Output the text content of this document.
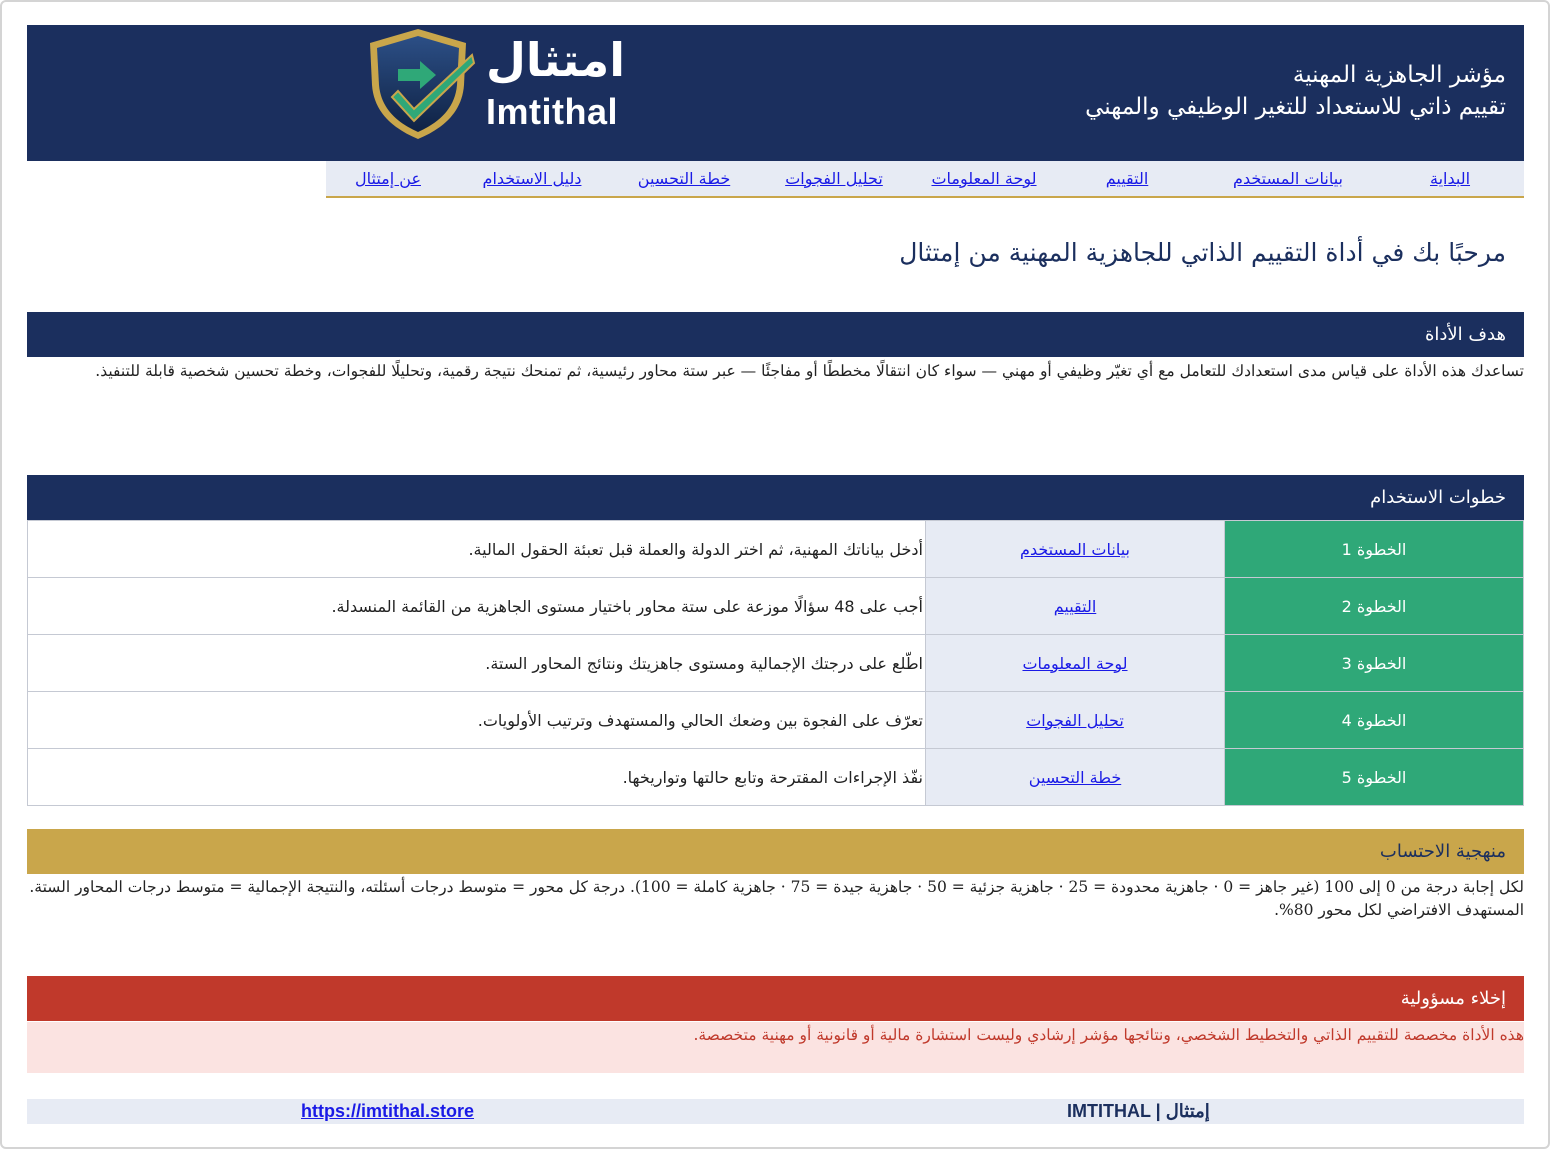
امتثال
Imtithal
مؤشر الجاهزية المهنية
تقييم ذاتي للاستعداد للتغير الوظيفي والمهني
البداية
بيانات المستخدم
التقييم
لوحة المعلومات
تحليل الفجوات
خطة التحسين
دليل الاستخدام
عن إمتثال
مرحبًا بك في أداة التقييم الذاتي للجاهزية المهنية من إمتثال
هدف الأداة
تساعدك هذه الأداة على قياس مدى استعدادك للتعامل مع أي تغيّر وظيفي أو مهني — سواء كان انتقالًا مخططًا أو مفاجئًا — عبر ستة محاور رئيسية، ثم تمنحك نتيجة رقمية، وتحليلًا للفجوات، وخطة تحسين شخصية قابلة للتنفيذ.
خطوات الاستخدام
الخطوة 1	بيانات المستخدم	أدخل بياناتك المهنية، ثم اختر الدولة والعملة قبل تعبئة الحقول المالية.
الخطوة 2	التقييم	أجب على 48 سؤالًا موزعة على ستة محاور باختيار مستوى الجاهزية من القائمة المنسدلة.
الخطوة 3	لوحة المعلومات	اطّلع على درجتك الإجمالية ومستوى جاهزيتك ونتائج المحاور الستة.
الخطوة 4	تحليل الفجوات	تعرّف على الفجوة بين وضعك الحالي والمستهدف وترتيب الأولويات.
الخطوة 5	خطة التحسين	نفّذ الإجراءات المقترحة وتابع حالتها وتواريخها.
منهجية الاحتساب
لكل إجابة درجة من 0 إلى 100 (غير جاهز = 0 · جاهزية محدودة = 25 · جاهزية جزئية = 50 · جاهزية جيدة = 75 · جاهزية كاملة = 100). درجة كل محور = متوسط درجات أسئلته، والنتيجة الإجمالية = متوسط درجات المحاور الستة. المستهدف الافتراضي لكل محور 80%.
إخلاء مسؤولية
هذه الأداة مخصصة للتقييم الذاتي والتخطيط الشخصي، ونتائجها مؤشر إرشادي وليست استشارة مالية أو قانونية أو مهنية متخصصة.
IMTITHAL | إمتثال
https://imtithal.store
